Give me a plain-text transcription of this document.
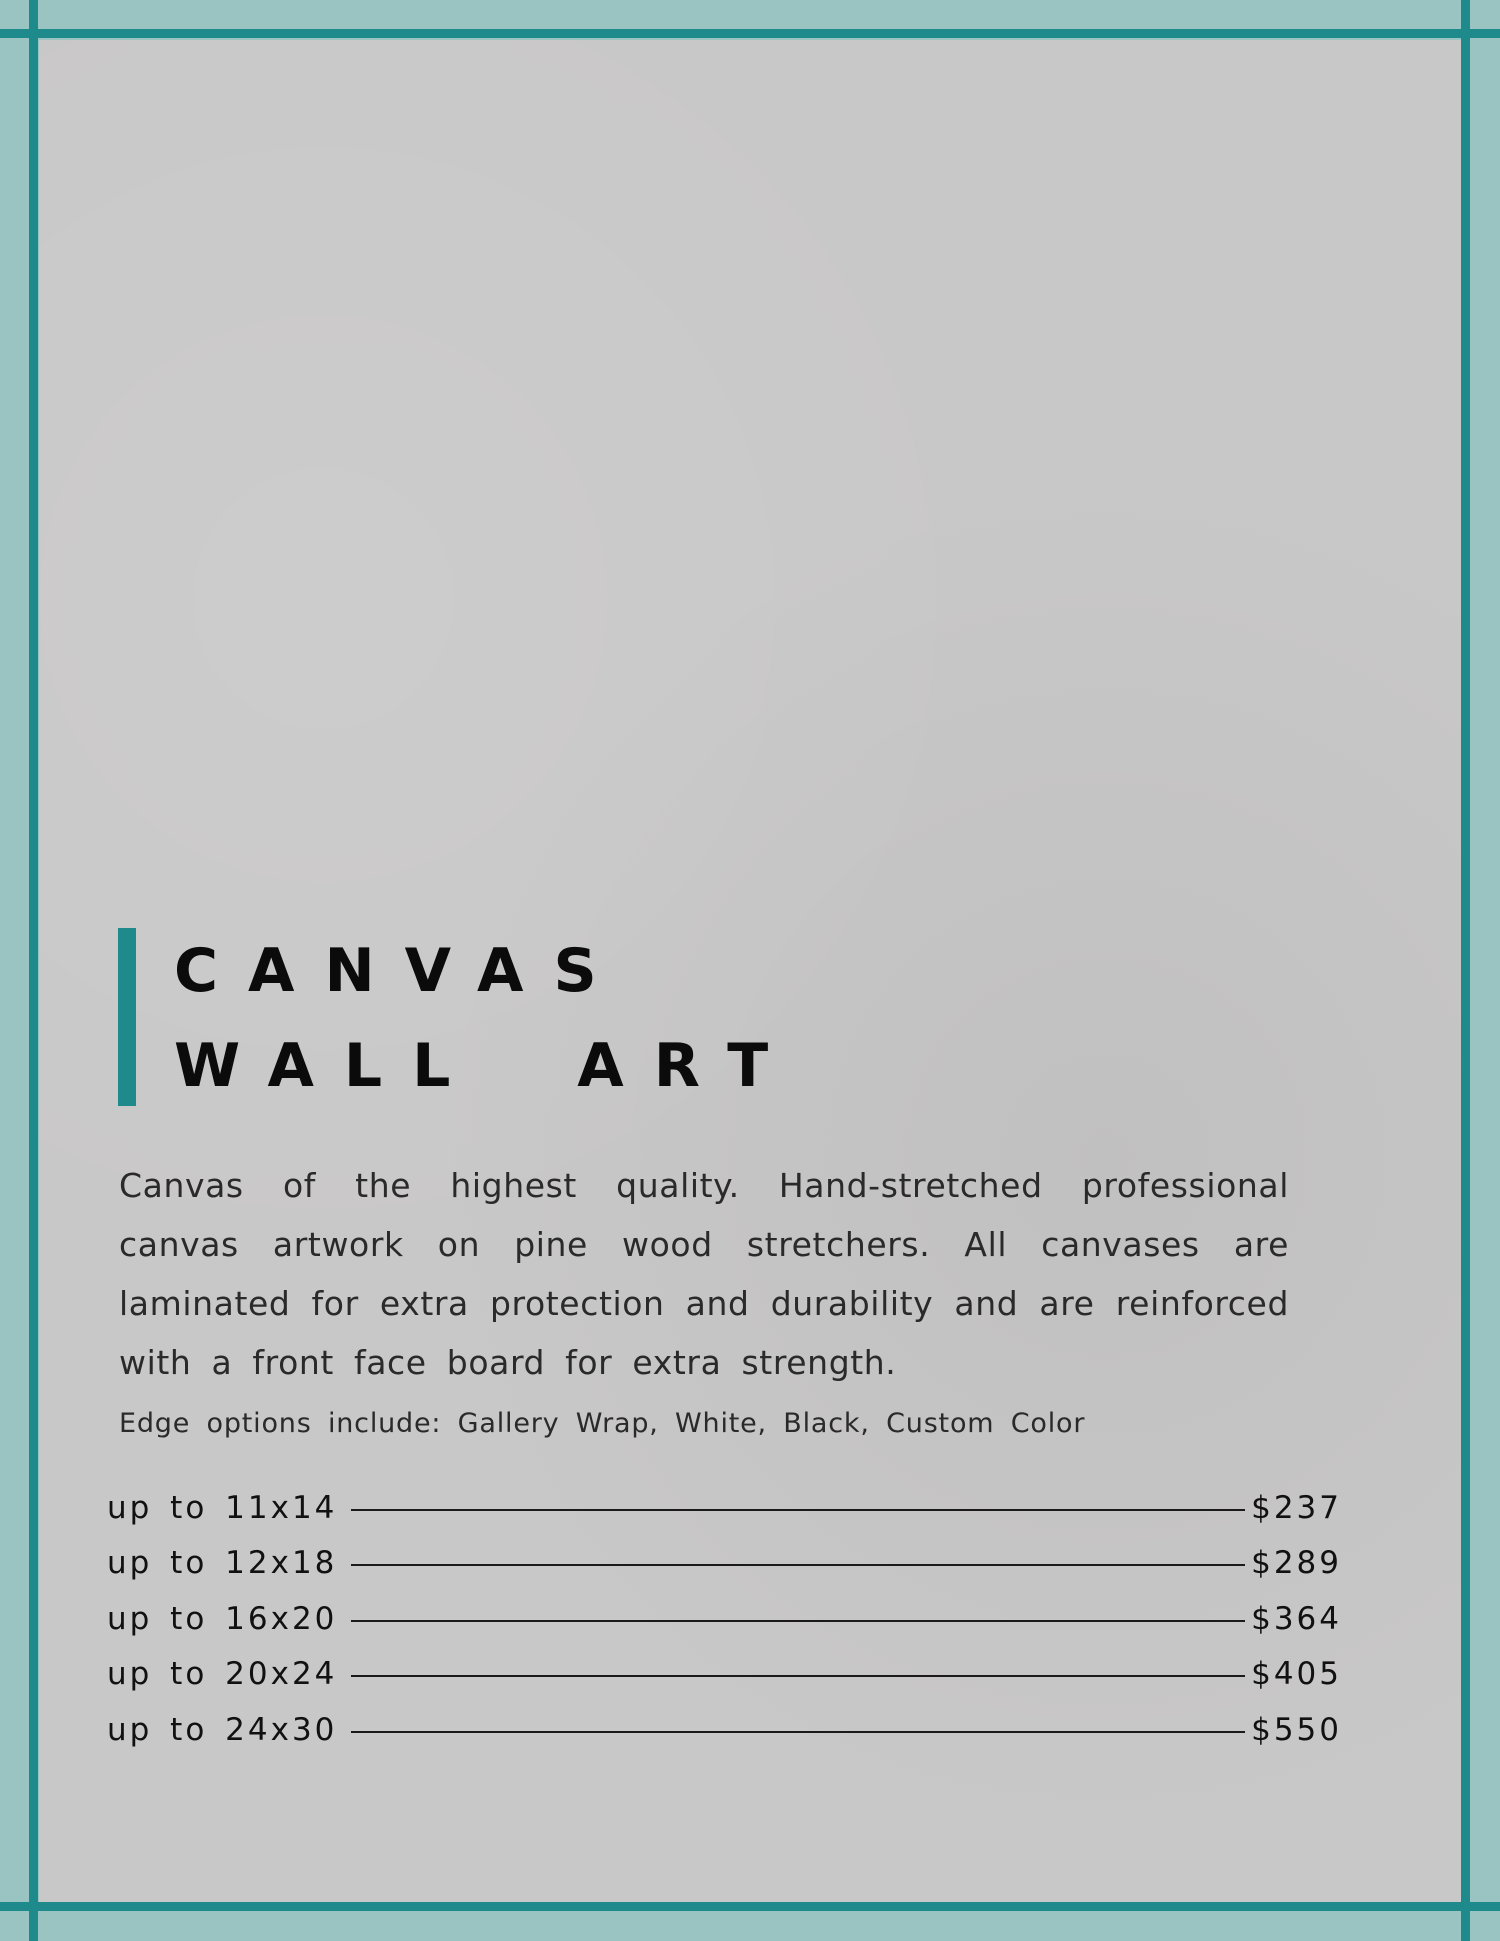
CANVAS
WALL ART

Canvas of the highest quality. Hand-stretched professional canvas artwork on pine wood stretchers. All canvases are laminated for extra protection and durability and are reinforced with a front face board for extra strength.

Edge options include: Gallery Wrap, White, Black, Custom Color

up to 11x14	$237
up to 12x18	$289
up to 16x20	$364
up to 20x24	$405
up to 24x30	$550
